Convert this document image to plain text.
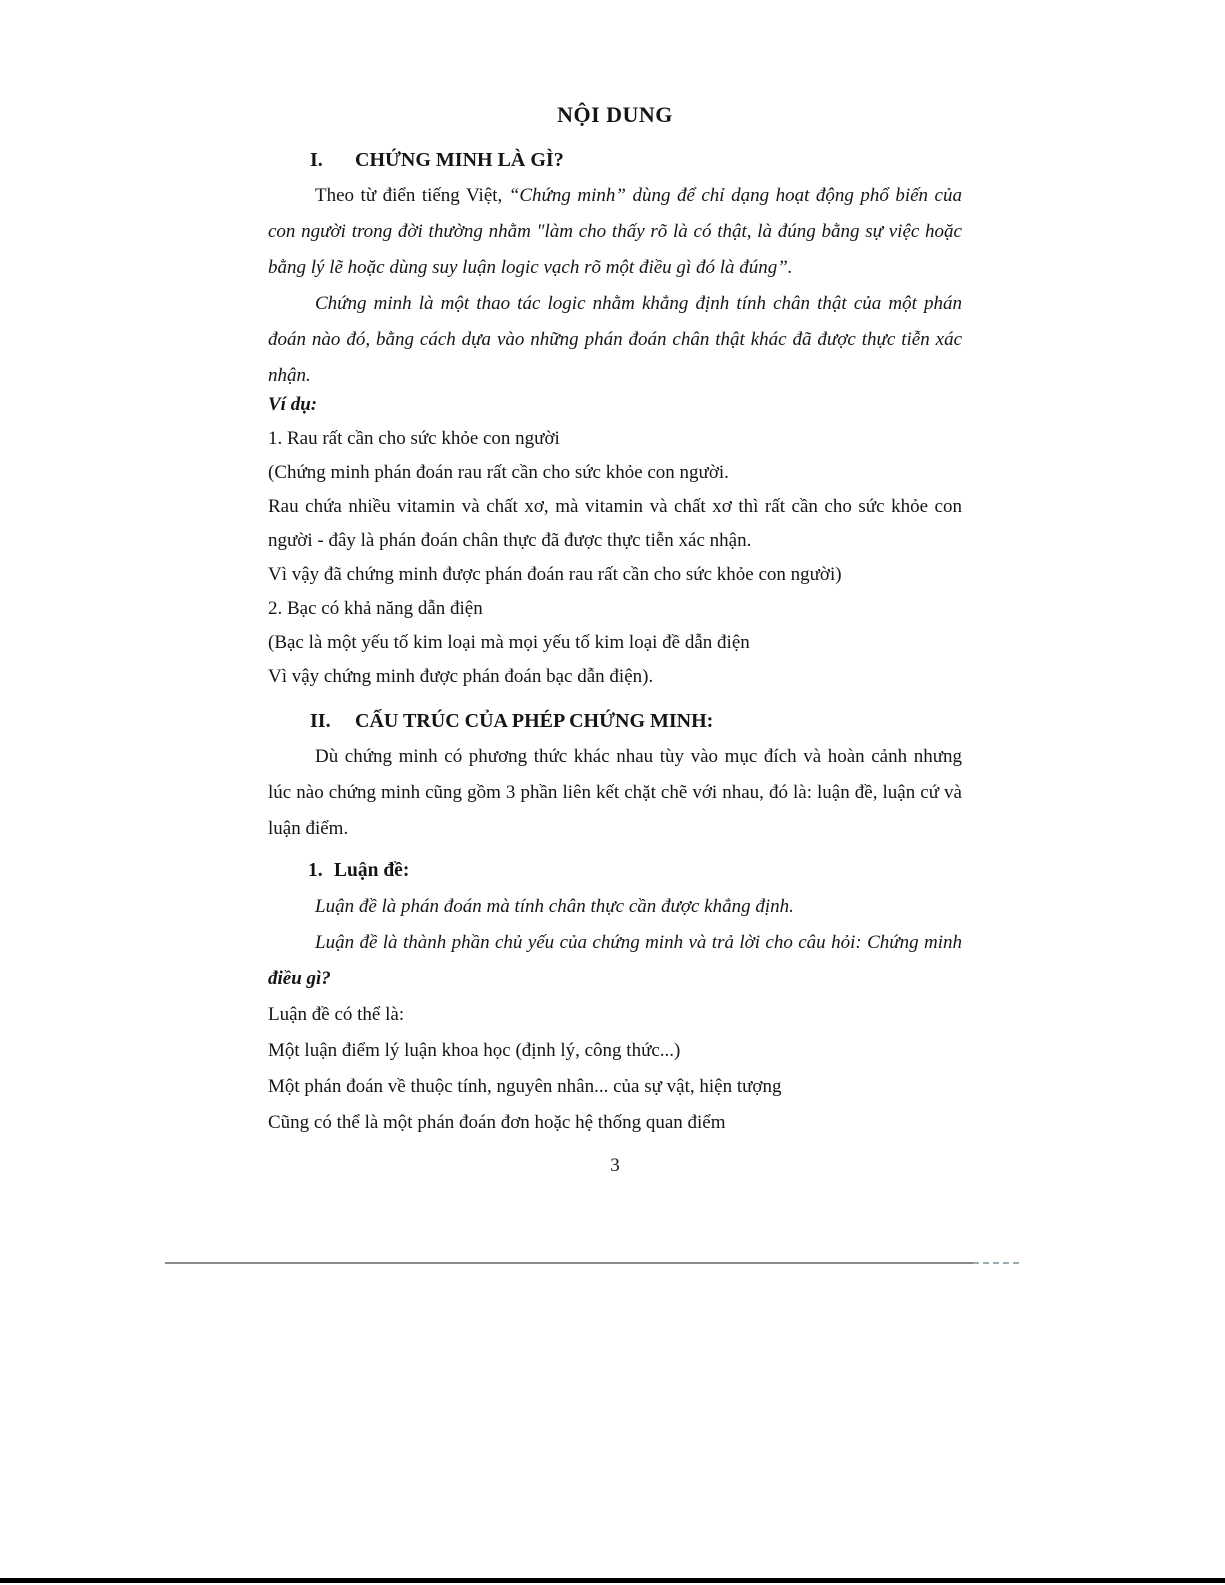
NỘI DUNG
I. CHỨNG MINH LÀ GÌ?

Theo từ điển tiếng Việt, “Chứng minh” dùng để chỉ dạng hoạt động phổ biến của con người trong đời thường nhằm "làm cho thấy rõ là có thật, là đúng bằng sự việc hoặc bằng lý lẽ hoặc dùng suy luận logic vạch rõ một điều gì đó là đúng”.

Chứng minh là một thao tác logic nhằm khẳng định tính chân thật của một phán đoán nào đó, bằng cách dựa vào những phán đoán chân thật khác đã được thực tiễn xác nhận.

Ví dụ:

1. Rau rất cần cho sức khỏe con người

(Chứng minh phán đoán rau rất cần cho sức khỏe con người.

Rau chứa nhiều vitamin và chất xơ, mà vitamin và chất xơ thì rất cần cho sức khỏe con người - đây là phán đoán chân thực đã được thực tiễn xác nhận.

Vì vậy đã chứng minh được phán đoán rau rất cần cho sức khỏe con người)

2. Bạc có khả năng dẫn điện

(Bạc là một yếu tố kim loại mà mọi yếu tố kim loại đề dẫn điện

Vì vậy chứng minh được phán đoán bạc dẫn điện).

II. CẤU TRÚC CỦA PHÉP CHỨNG MINH:

Dù chứng minh có phương thức khác nhau tùy vào mục đích và hoàn cảnh nhưng lúc nào chứng minh cũng gồm 3 phần liên kết chặt chẽ với nhau, đó là: luận đề, luận cứ và luận điểm.

1. Luận đề:

Luận đề là phán đoán mà tính chân thực cần được khẳng định.

Luận đề là thành phần chủ yếu của chứng minh và trả lời cho câu hỏi: Chứng minh điều gì?

Luận đề có thể là:

Một luận điểm lý luận khoa học (định lý, công thức...)

Một phán đoán về thuộc tính, nguyên nhân... của sự vật, hiện tượng

Cũng có thể là một phán đoán đơn hoặc hệ thống quan điểm

3
